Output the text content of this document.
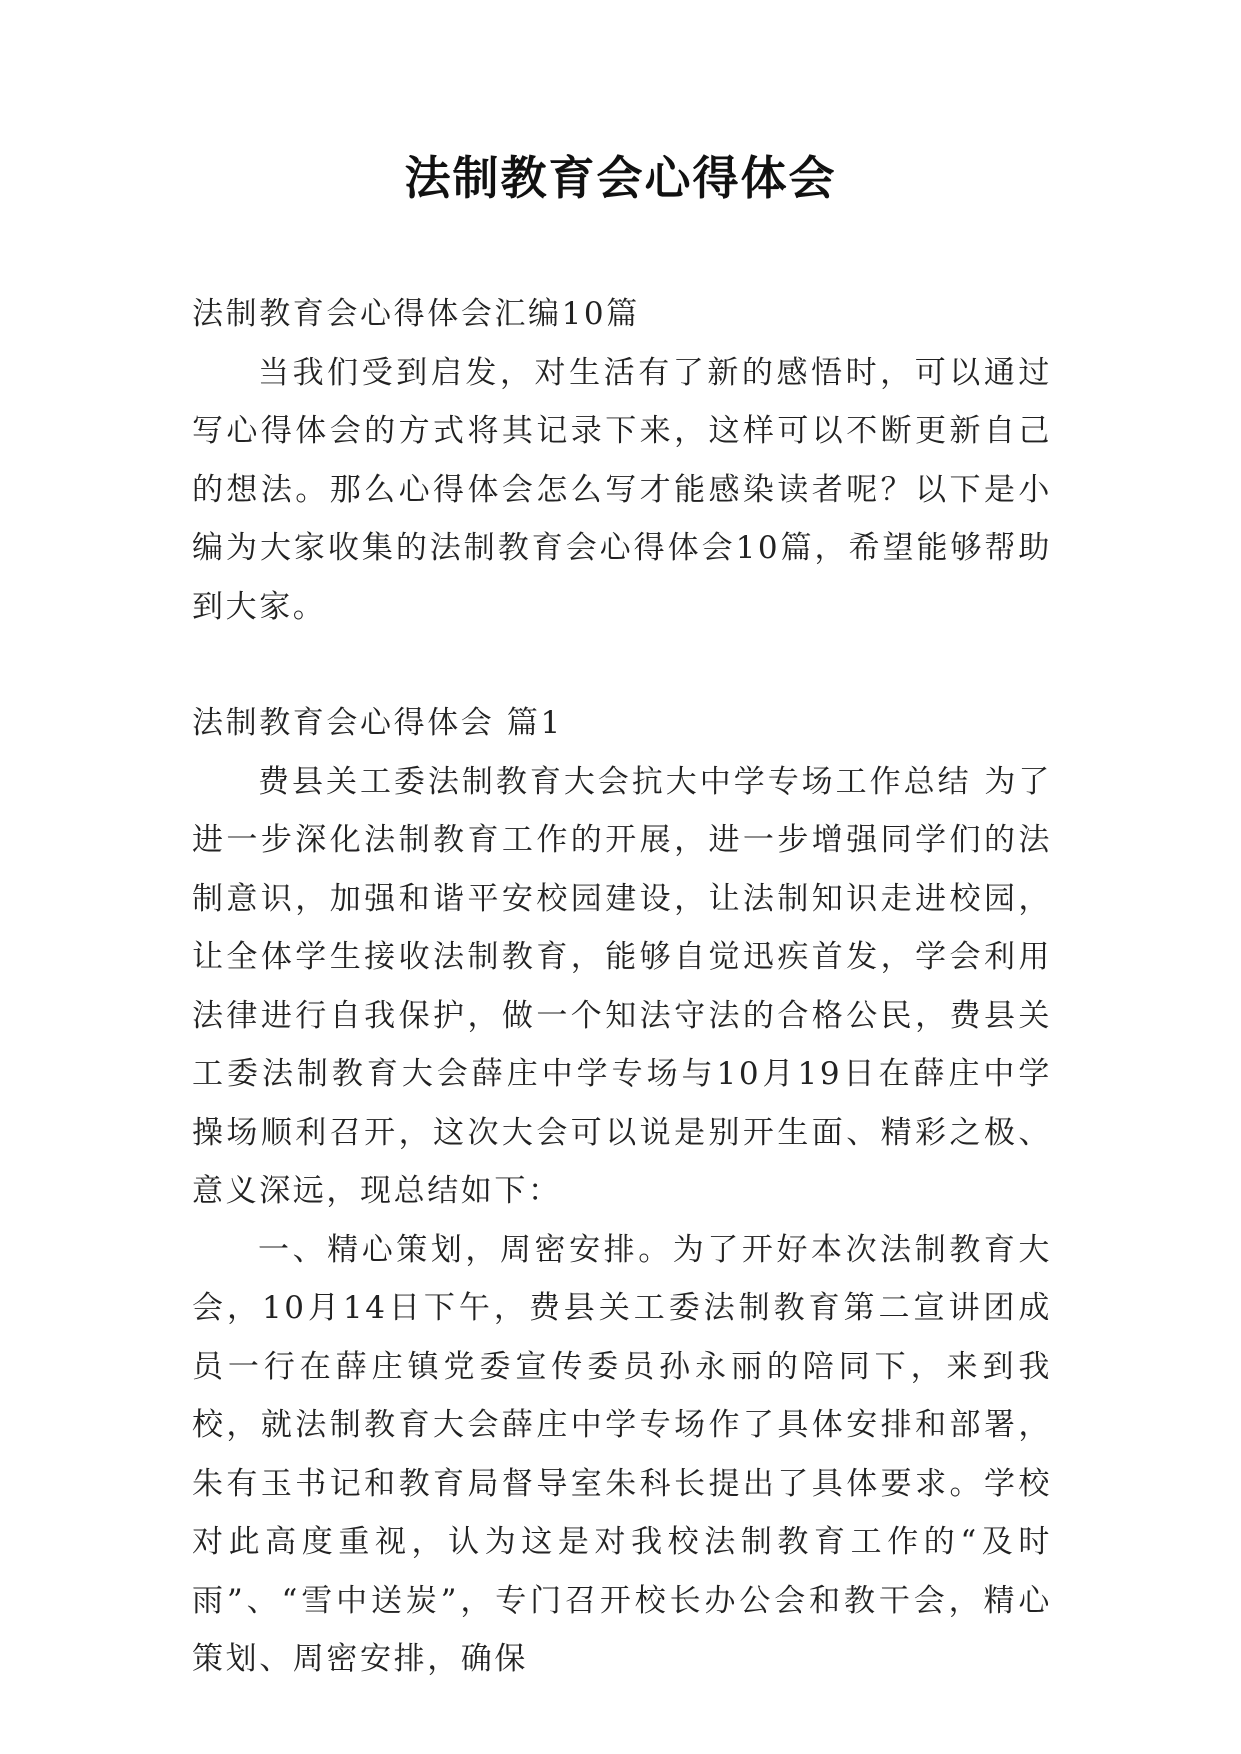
法制教育会心得体会

法制教育会心得体会汇编10篇

当我们受到启发，对生活有了新的感悟时，可以通过写心得体会的方式将其记录下来，这样可以不断更新自己的想法。那么心得体会怎么写才能感染读者呢？以下是小编为大家收集的法制教育会心得体会10篇，希望能够帮助到大家。

法制教育会心得体会 篇1

费县关工委法制教育大会抗大中学专场工作总结 为了进一步深化法制教育工作的开展，进一步增强同学们的法制意识，加强和谐平安校园建设，让法制知识走进校园，让全体学生接收法制教育，能够自觉迅疾首发，学会利用法律进行自我保护，做一个知法守法的合格公民，费县关工委法制教育大会薛庄中学专场与10月19日在薛庄中学操场顺利召开，这次大会可以说是别开生面、精彩之极、意义深远，现总结如下：

一、精心策划，周密安排。为了开好本次法制教育大会，10月14日下午，费县关工委法制教育第二宣讲团成员一行在薛庄镇党委宣传委员孙永丽的陪同下，来到我校，就法制教育大会薛庄中学专场作了具体安排和部署，朱有玉书记和教育局督导室朱科长提出了具体要求。学校对此高度重视，认为这是对我校法制教育工作的“及时雨”、“雪中送炭”，专门召开校长办公会和教干会，精心策划、周密安排，确保
